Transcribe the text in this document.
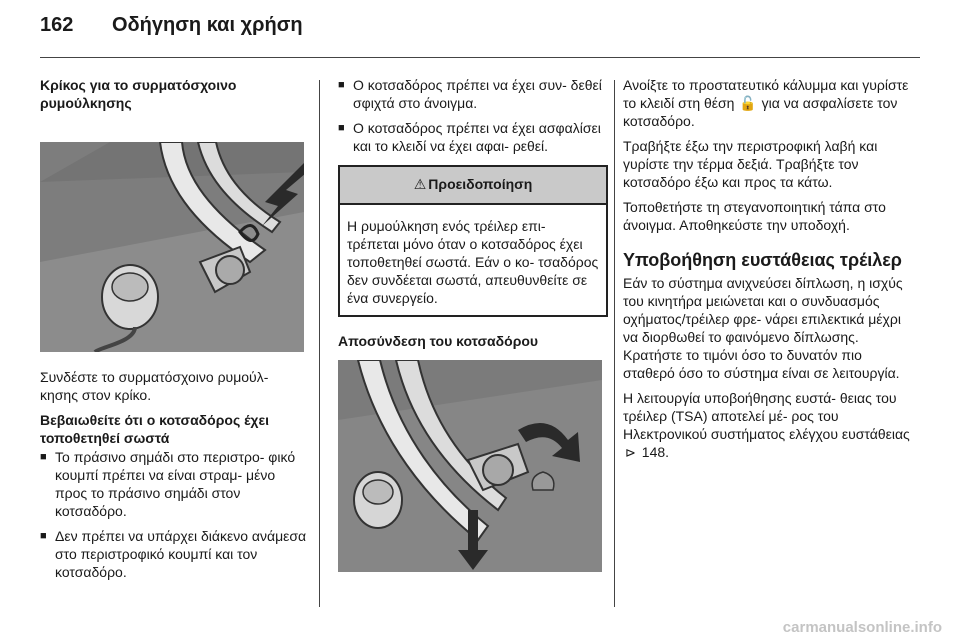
162 Οδήγηση και χρήση
Κρίκος για το συρματόσχοινο ρυμούλκησης

Συνδέστε το συρματόσχοινο ρυμούλ- κησης στον κρίκο.

Βεβαιωθείτε ότι ο κοτσαδόρος έχει τοποθετηθεί σωστά
■ Το πράσινο σημάδι στο περιστρο- φικό κουμπί πρέπει να είναι στραμ- μένο προς το πράσινο σημάδι στον κοτσαδόρο.
■ Δεν πρέπει να υπάρχει διάκενο ανάμεσα στο περιστροφικό κουμπί και τον κοτσαδόρο.
■ Ο κοτσαδόρος πρέπει να έχει συν- δεθεί σφιχτά στο άνοιγμα.
■ Ο κοτσαδόρος πρέπει να έχει ασφαλίσει και το κλειδί να έχει αφαι- ρεθεί.
⚠ Προειδοποίηση
Η ρυμούλκηση ενός τρέιλερ επι- τρέπεται μόνο όταν ο κοτσαδόρος έχει τοποθετηθεί σωστά. Εάν ο κο- τσαδόρος δεν συνδέεται σωστά, απευθυνθείτε σε ένα συνεργείο.
Αποσύνδεση του κοτσαδόρου

Ανοίξτε το προστατευτικό κάλυμμα και γυρίστε το κλειδί στη θέση 🔓 για να ασφαλίσετε τον κοτσαδόρο.

Τραβήξτε έξω την περιστροφική λαβή και γυρίστε την τέρμα δεξιά. Τραβήξτε τον κοτσαδόρο έξω και προς τα κάτω.

Τοποθετήστε τη στεγανοποιητική τάπα στο άνοιγμα. Αποθηκεύστε την υποδοχή.

Υποβοήθηση ευστάθειας τρέιλερ

Εάν το σύστημα ανιχνεύσει δίπλωση, η ισχύς του κινητήρα μειώνεται και ο συνδυασμός οχήματος/τρέιλερ φρε- νάρει επιλεκτικά μέχρι να διορθωθεί το φαινόμενο δίπλωσης. Κρατήστε το τιμόνι όσο το δυνατόν πιο σταθερό όσο το σύστημα είναι σε λειτουργία.

Η λειτουργία υποβοήθησης ευστά- θειας του τρέιλερ (TSA) αποτελεί μέ- ρος του Ηλεκτρονικού συστήματος ελέγχου ευστάθειας ⊳ 148.

carmanualsonline.info
